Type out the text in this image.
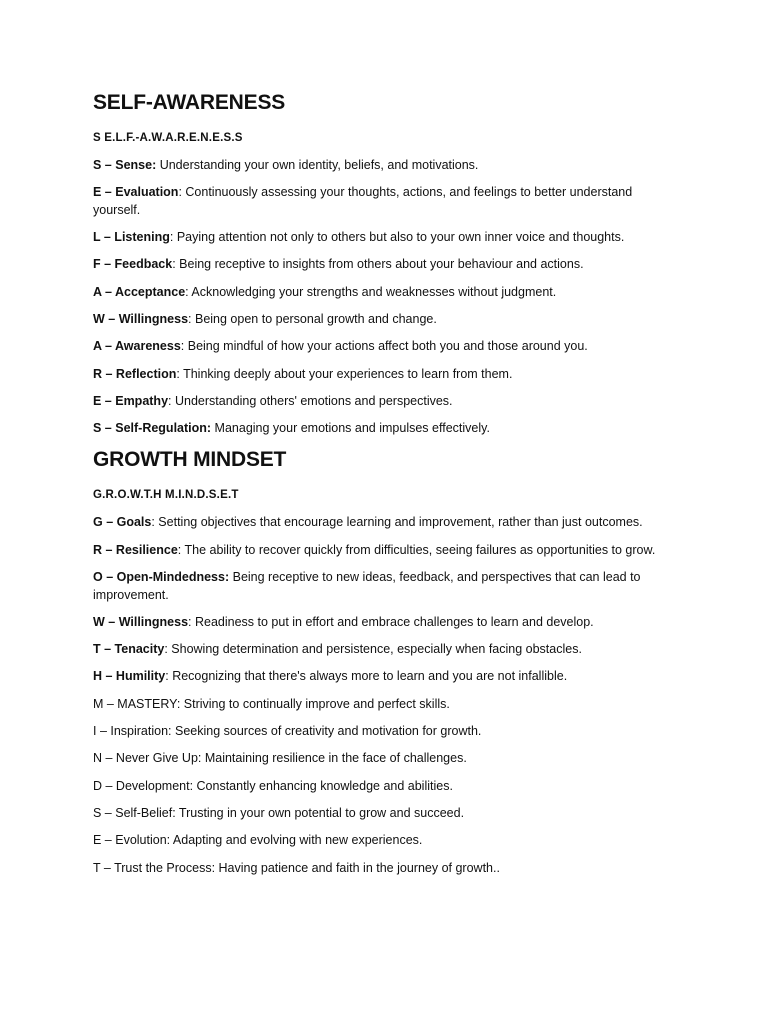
SELF-AWARENESS

S E.L.F.-A.W.A.R.E.N.E.S.S

S – Sense: Understanding your own identity, beliefs, and motivations.

E – Evaluation: Continuously assessing your thoughts, actions, and feelings to better understand yourself.

L – Listening: Paying attention not only to others but also to your own inner voice and thoughts.

F – Feedback: Being receptive to insights from others about your behaviour and actions.

A – Acceptance: Acknowledging your strengths and weaknesses without judgment.

W – Willingness: Being open to personal growth and change.

A – Awareness: Being mindful of how your actions affect both you and those around you.

R – Reflection: Thinking deeply about your experiences to learn from them.

E – Empathy: Understanding others' emotions and perspectives.

S – Self-Regulation: Managing your emotions and impulses effectively.

GROWTH MINDSET

G.R.O.W.T.H M.I.N.D.S.E.T

G – Goals: Setting objectives that encourage learning and improvement, rather than just outcomes.

R – Resilience: The ability to recover quickly from difficulties, seeing failures as opportunities to grow.

O – Open-Mindedness: Being receptive to new ideas, feedback, and perspectives that can lead to improvement.

W – Willingness: Readiness to put in effort and embrace challenges to learn and develop.

T – Tenacity: Showing determination and persistence, especially when facing obstacles.

H – Humility: Recognizing that there's always more to learn and you are not infallible.

M – MASTERY: Striving to continually improve and perfect skills.

I – Inspiration: Seeking sources of creativity and motivation for growth.

N – Never Give Up: Maintaining resilience in the face of challenges.

D – Development: Constantly enhancing knowledge and abilities.

S – Self-Belief: Trusting in your own potential to grow and succeed.

E – Evolution: Adapting and evolving with new experiences.

T – Trust the Process: Having patience and faith in the journey of growth..
